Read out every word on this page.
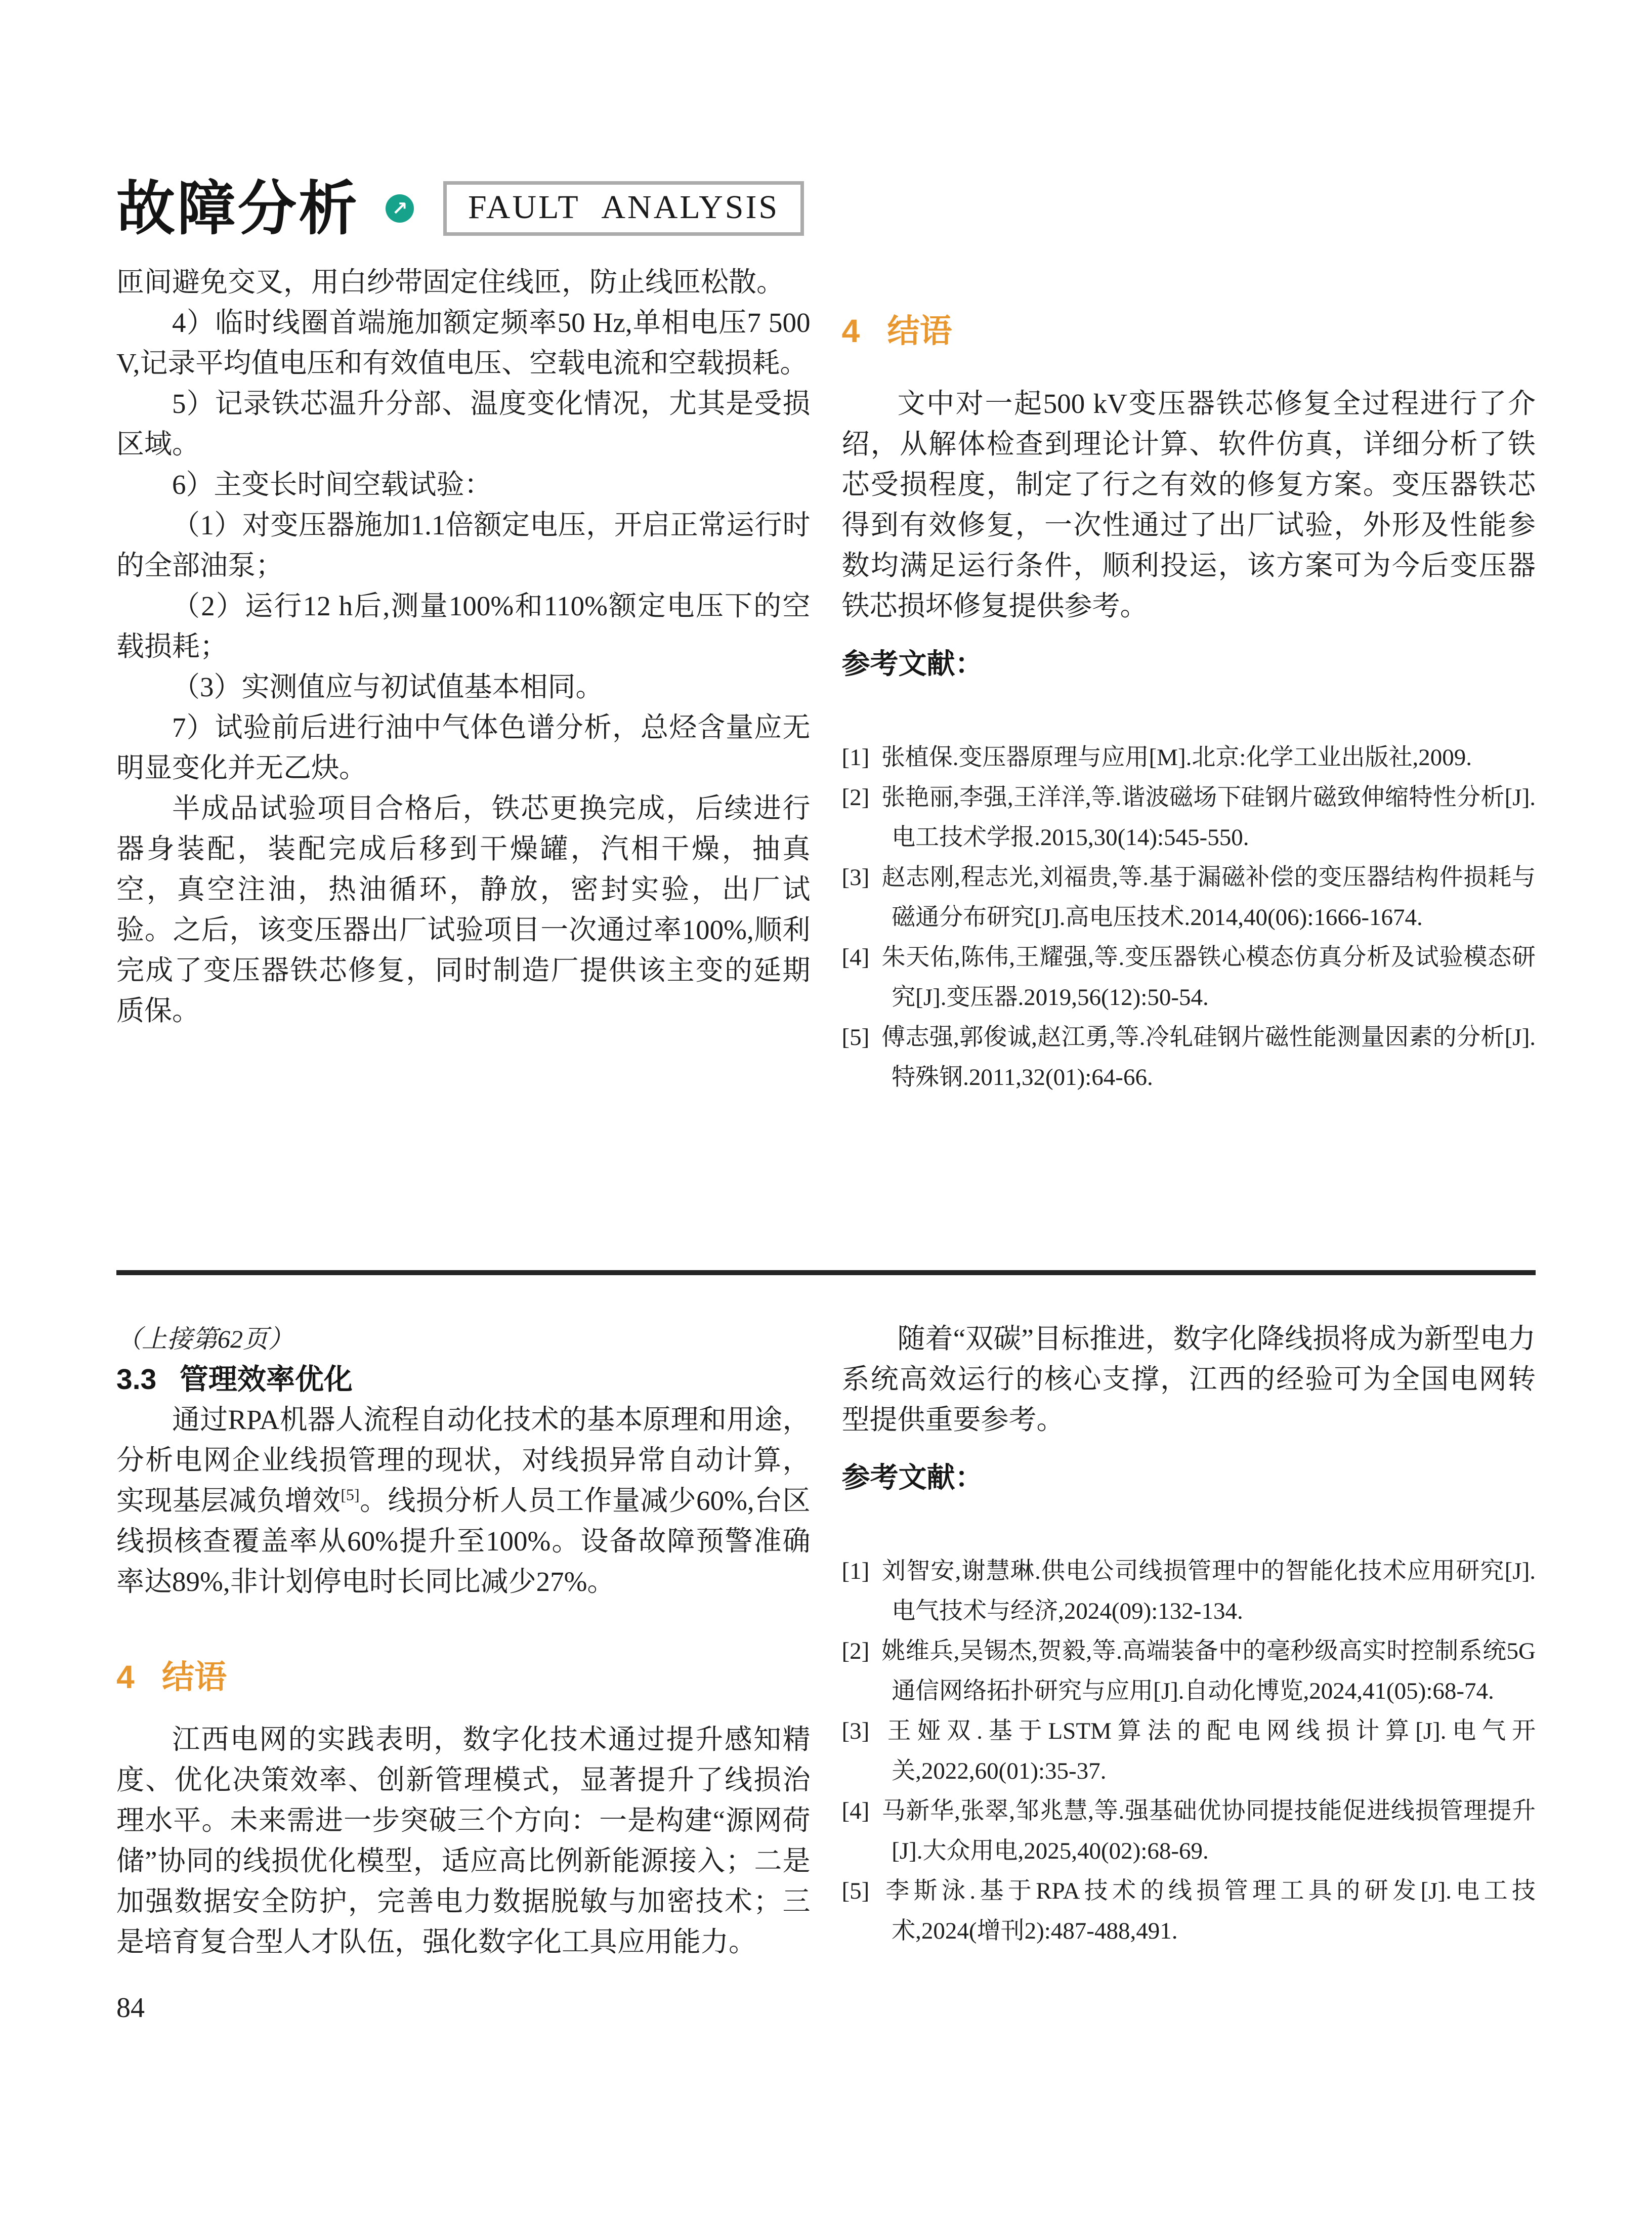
故障分析 ↗	FAULT ANALYSIS

匝间避免交叉，用白纱带固定住线匝，防止线匝松散。

4）临时线圈首端施加额定频率50 Hz,单相电压7 500 V,记录平均值电压和有效值电压、空载电流和空载损耗。

5）记录铁芯温升分部、温度变化情况，尤其是受损区域。

6）主变长时间空载试验：

（1）对变压器施加1.1倍额定电压，开启正常运行时的全部油泵；

（2）运行12 h后,测量100%和110%额定电压下的空载损耗；

（3）实测值应与初试值基本相同。

7）试验前后进行油中气体色谱分析，总烃含量应无明显变化并无乙炔。

半成品试验项目合格后，铁芯更换完成，后续进行器身装配，装配完成后移到干燥罐，汽相干燥，抽真空，真空注油，热油循环，静放，密封实验，出厂试验。之后，该变压器出厂试验项目一次通过率100%,顺利完成了变压器铁芯修复，同时制造厂提供该主变的延期质保。

4 结语

文中对一起500 kV变压器铁芯修复全过程进行了介绍，从解体检查到理论计算、软件仿真，详细分析了铁芯受损程度，制定了行之有效的修复方案。变压器铁芯得到有效修复，一次性通过了出厂试验，外形及性能参数均满足运行条件，顺利投运，该方案可为今后变压器铁芯损坏修复提供参考。

参考文献：

[1] 张植保.变压器原理与应用[M].北京:化学工业出版社,2009.

[2] 张艳丽,李强,王洋洋,等.谐波磁场下硅钢片磁致伸缩特性分析[J].电工技术学报.2015,30(14):545-550.

[3] 赵志刚,程志光,刘福贵,等.基于漏磁补偿的变压器结构件损耗与磁通分布研究[J].高电压技术.2014,40(06):1666-1674.

[4] 朱天佑,陈伟,王耀强,等.变压器铁心模态仿真分析及试验模态研究[J].变压器.2019,56(12):50-54.

[5] 傅志强,郭俊诚,赵江勇,等.冷轧硅钢片磁性能测量因素的分析[J].特殊钢.2011,32(01):64-66.

（上接第62页）

3.3 管理效率优化

通过RPA机器人流程自动化技术的基本原理和用途，分析电网企业线损管理的现状，对线损异常自动计算，实现基层减负增效[5]。线损分析人员工作量减少60%,台区线损核查覆盖率从60%提升至100%。设备故障预警准确率达89%,非计划停电时长同比减少27%。

4 结语

江西电网的实践表明，数字化技术通过提升感知精度、优化决策效率、创新管理模式，显著提升了线损治理水平。未来需进一步突破三个方向：一是构建“源网荷储”协同的线损优化模型，适应高比例新能源接入；二是加强数据安全防护，完善电力数据脱敏与加密技术；三是培育复合型人才队伍，强化数字化工具应用能力。

84

随着“双碳”目标推进，数字化降线损将成为新型电力系统高效运行的核心支撑，江西的经验可为全国电网转型提供重要参考。

参考文献：

[1] 刘智安,谢慧琳.供电公司线损管理中的智能化技术应用研究[J].电气技术与经济,2024(09):132-134.

[2] 姚维兵,吴锡杰,贺毅,等.高端装备中的毫秒级高实时控制系统5G通信网络拓扑研究与应用[J].自动化博览,2024,41(05):68-74.

[3] 王娅双.基于LSTM算法的配电网线损计算[J].电气开关,2022,60(01):35-37.

[4] 马新华,张翠,邹兆慧,等.强基础优协同提技能促进线损管理提升[J].大众用电,2025,40(02):68-69.

[5] 李斯泳.基于RPA技术的线损管理工具的研发[J].电工技术,2024(增刊2):487-488,491.
